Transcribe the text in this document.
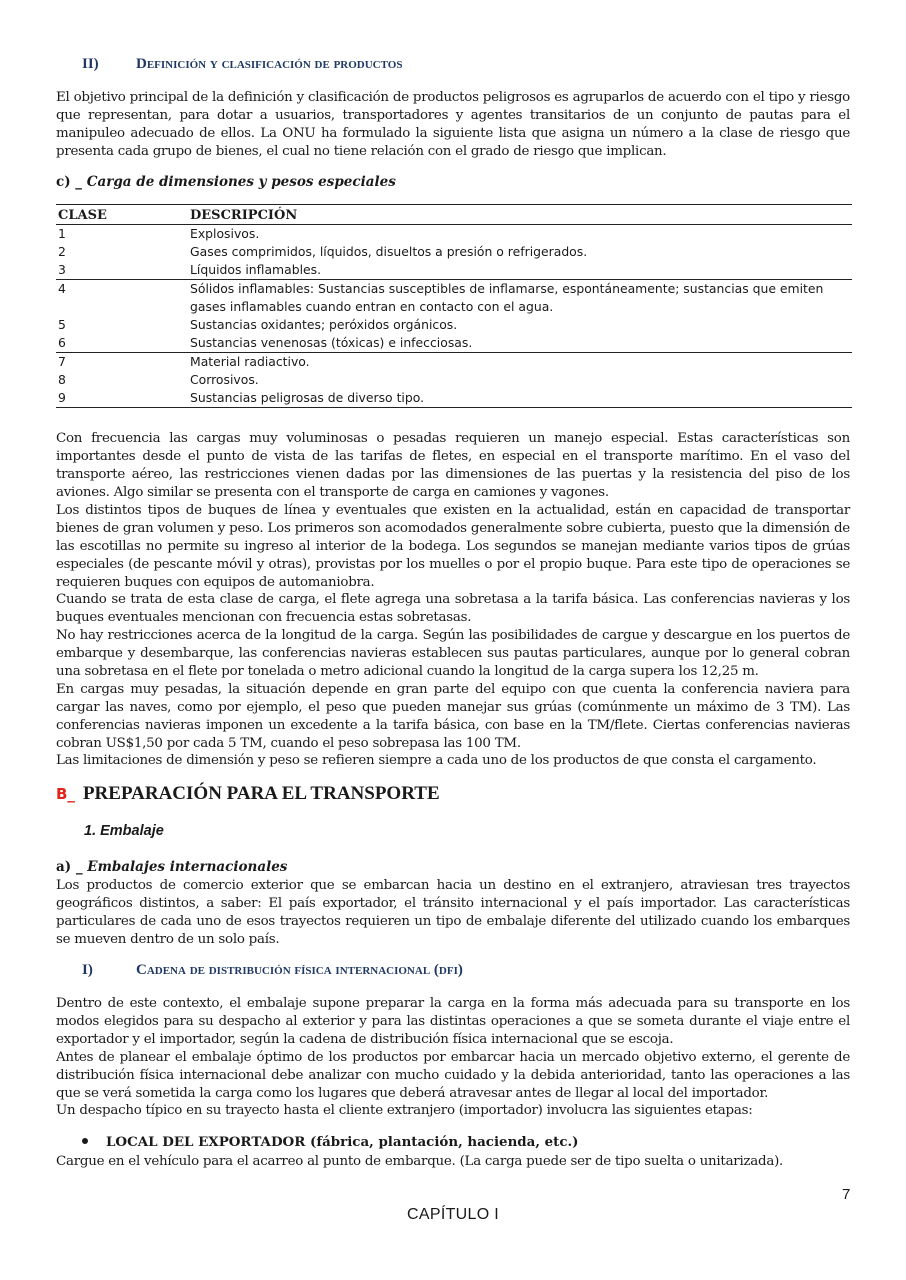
II) Definición y clasificación de productos

El objetivo principal de la definición y clasificación de productos peligrosos es agruparlos de acuerdo con el tipo y riesgo que representan, para dotar a usuarios, transportadores y agentes transitarios de un conjunto de pautas para el manipuleo adecuado de ellos. La ONU ha formulado la siguiente lista que asigna un número a la clase de riesgo que presenta cada grupo de bienes, el cual no tiene relación con el grado de riesgo que implican.

c) _ Carga de dimensiones y pesos especiales
CLASE	DESCRIPCIÓN
1	Explosivos.
2	Gases comprimidos, líquidos, disueltos a presión o refrigerados.
3	Líquidos inflamables.
4	Sólidos inflamables: Sustancias susceptibles de inflamarse, espontáneamente; sustancias que emiten
	gases inflamables cuando entran en contacto con el agua.
5	Sustancias oxidantes; peróxidos orgánicos.
6	Sustancias venenosas (tóxicas) e infecciosas.
7	Material radiactivo.
8	Corrosivos.
9	Sustancias peligrosas de diverso tipo.

Con frecuencia las cargas muy voluminosas o pesadas requieren un manejo especial. Estas características son importantes desde el punto de vista de las tarifas de fletes, en especial en el transporte marítimo. En el vaso del transporte aéreo, las restricciones vienen dadas por las dimensiones de las puertas y la resistencia del piso de los aviones. Algo similar se presenta con el transporte de carga en camiones y vagones.

Los distintos tipos de buques de línea y eventuales que existen en la actualidad, están en capacidad de transportar bienes de gran volumen y peso. Los primeros son acomodados generalmente sobre cubierta, puesto que la dimensión de las escotillas no permite su ingreso al interior de la bodega. Los segundos se manejan mediante varios tipos de grúas especiales (de pescante móvil y otras), provistas por los muelles o por el propio buque. Para este tipo de operaciones se requieren buques con equipos de automaniobra.

Cuando se trata de esta clase de carga, el flete agrega una sobretasa a la tarifa básica. Las conferencias navieras y los buques eventuales mencionan con frecuencia estas sobretasas.

No hay restricciones acerca de la longitud de la carga. Según las posibilidades de cargue y descargue en los puertos de embarque y desembarque, las conferencias navieras establecen sus pautas particulares, aunque por lo general cobran una sobretasa en el flete por tonelada o metro adicional cuando la longitud de la carga supera los 12,25 m.

En cargas muy pesadas, la situación depende en gran parte del equipo con que cuenta la conferencia naviera para cargar las naves, como por ejemplo, el peso que pueden manejar sus grúas (comúnmente un máximo de 3 TM). Las conferencias navieras imponen un excedente a la tarifa básica, con base en la TM/flete. Ciertas conferencias navieras cobran US$1,50 por cada 5 TM, cuando el peso sobrepasa las 100 TM.

Las limitaciones de dimensión y peso se refieren siempre a cada uno de los productos de que consta el cargamento.

B_ PREPARACIÓN PARA EL TRANSPORTE
1. Embalaje
a) _ Embalajes internacionales

Los productos de comercio exterior que se embarcan hacia un destino en el extranjero, atraviesan tres trayectos geográficos distintos, a saber: El país exportador, el tránsito internacional y el país importador. Las características particulares de cada uno de esos trayectos requieren un tipo de embalaje diferente del utilizado cuando los embarques se mueven dentro de un solo país.

I)	Cadena de distribución física internacional (dfi)

Dentro de este contexto, el embalaje supone preparar la carga en la forma más adecuada para su transporte en los modos elegidos para su despacho al exterior y para las distintas operaciones a que se someta durante el viaje entre el exportador y el importador, según la cadena de distribución física internacional que se escoja.

Antes de planear el embalaje óptimo de los productos por embarcar hacia un mercado objetivo externo, el gerente de distribución física internacional debe analizar con mucho cuidado y la debida anterioridad, tanto las operaciones a las que se verá sometida la carga como los lugares que deberá atravesar antes de llegar al local del importador.

Un despacho típico en su trayecto hasta el cliente extranjero (importador) involucra las siguientes etapas:

LOCAL DEL EXPORTADOR (fábrica, plantación, hacienda, etc.)

Cargue en el vehículo para el acarreo al punto de embarque. (La carga puede ser de tipo suelta o unitarizada).

7
CAPÍTULO I
